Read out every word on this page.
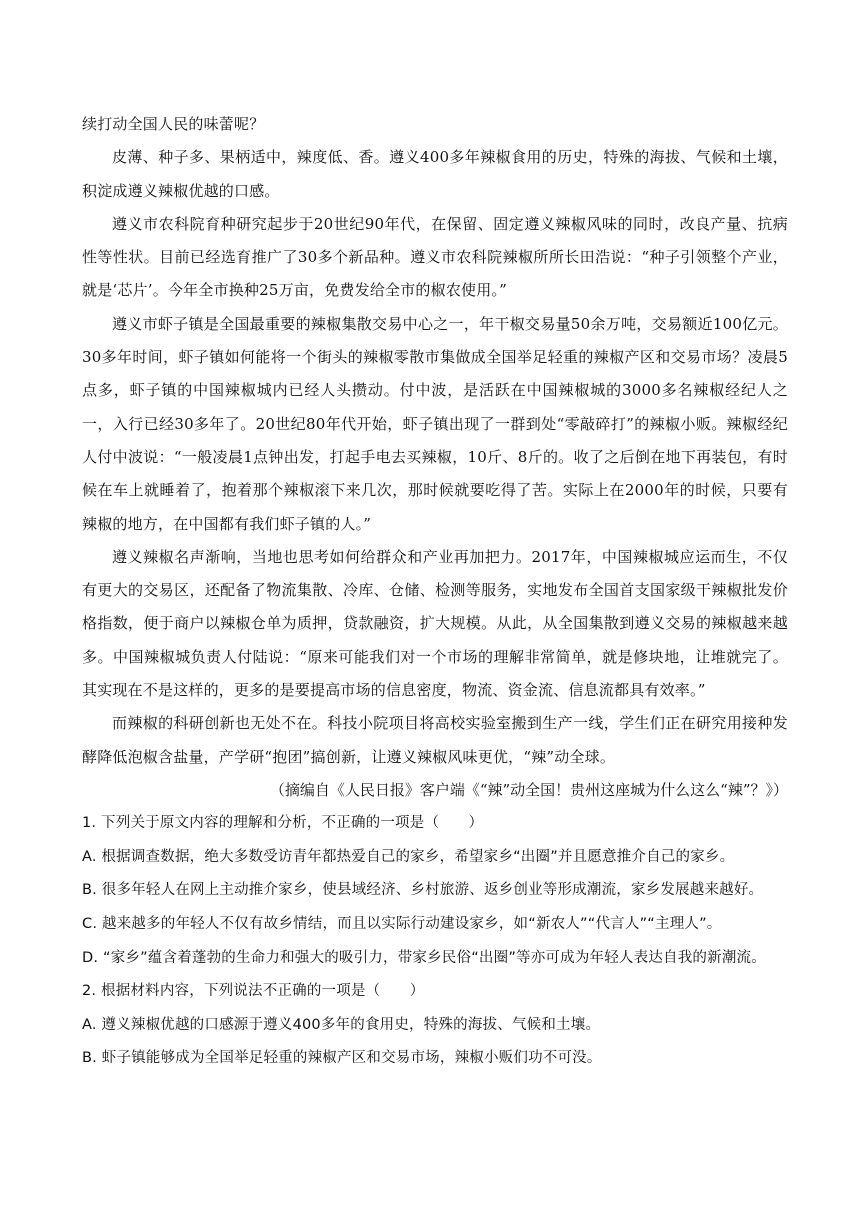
续打动全国人民的味蕾呢？

皮薄、种子多、果柄适中，辣度低、香。遵义400多年辣椒食用的历史，特殊的海拔、气候和土壤，积淀成遵义辣椒优越的口感。

遵义市农科院育种研究起步于20世纪90年代，在保留、固定遵义辣椒风味的同时，改良产量、抗病性等性状。目前已经选育推广了30多个新品种。遵义市农科院辣椒所所长田浩说：“种子引领整个产业，就是‘芯片’。今年全市换种25万亩，免费发给全市的椒农使用。”

遵义市虾子镇是全国最重要的辣椒集散交易中心之一，年干椒交易量50余万吨，交易额近100亿元。30多年时间，虾子镇如何能将一个街头的辣椒零散市集做成全国举足轻重的辣椒产区和交易市场？凌晨5点多，虾子镇的中国辣椒城内已经人头攒动。付中波，是活跃在中国辣椒城的3000多名辣椒经纪人之一，入行已经30多年了。20世纪80年代开始，虾子镇出现了一群到处“零敲碎打”的辣椒小贩。辣椒经纪人付中波说：“一般凌晨1点钟出发，打起手电去买辣椒，10斤、8斤的。收了之后倒在地下再装包，有时候在车上就睡着了，抱着那个辣椒滚下来几次，那时候就要吃得了苦。实际上在2000年的时候，只要有辣椒的地方，在中国都有我们虾子镇的人。”

遵义辣椒名声渐响，当地也思考如何给群众和产业再加把力。2017年，中国辣椒城应运而生，不仅有更大的交易区，还配备了物流集散、冷库、仓储、检测等服务，实地发布全国首支国家级干辣椒批发价格指数，便于商户以辣椒仓单为质押，贷款融资，扩大规模。从此，从全国集散到遵义交易的辣椒越来越多。中国辣椒城负责人付陆说：“原来可能我们对一个市场的理解非常简单，就是修块地，让堆就完了。其实现在不是这样的，更多的是要提高市场的信息密度，物流、资金流、信息流都具有效率。”

而辣椒的科研创新也无处不在。科技小院项目将高校实验室搬到生产一线，学生们正在研究用接种发酵降低泡椒含盐量，产学研“抱团”搞创新，让遵义辣椒风味更优，“辣”动全球。

（摘编自《人民日报》客户端《“辣”动全国！贵州这座城为什么这么“辣”？》）

1. 下列关于原文内容的理解和分析，不正确的一项是（　　）

A. 根据调查数据，绝大多数受访青年都热爱自己的家乡，希望家乡“出圈”并且愿意推介自己的家乡。

B. 很多年轻人在网上主动推介家乡，使县域经济、乡村旅游、返乡创业等形成潮流，家乡发展越来越好。

C. 越来越多的年轻人不仅有故乡情结，而且以实际行动建设家乡，如“新农人”“代言人”“主理人”。

D. “家乡”蕴含着蓬勃的生命力和强大的吸引力，带家乡民俗“出圈”等亦可成为年轻人表达自我的新潮流。

2. 根据材料内容，下列说法不正确的一项是（　　）

A. 遵义辣椒优越的口感源于遵义400多年的食用史，特殊的海拔、气候和土壤。

B. 虾子镇能够成为全国举足轻重的辣椒产区和交易市场，辣椒小贩们功不可没。
